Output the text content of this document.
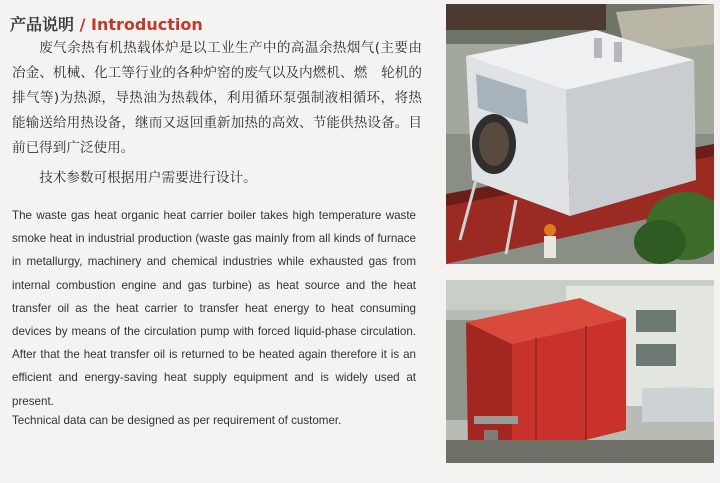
产品说明 / Introduction

废气余热有机热载体炉是以工业生产中的高温余热烟气(主要由冶金、机械、化工等行业的各种炉窑的废气以及内燃机、燃　轮机的排气等)为热源，导热油为热载体，利用循环泵强制液相循环，将热能输送给用热设备，继而又返回重新加热的高效、节能供热设备。目前已得到广泛使用。

技术参数可根据用户需要进行设计。

The waste gas heat organic heat carrier boiler takes high temperature waste smoke heat in industrial production (waste gas mainly from all kinds of furnace in metallurgy, machinery and chemical industries while exhausted gas from internal combustion engine and gas turbine) as heat source and the heat transfer oil as the heat carrier to transfer heat energy to heat consuming devices by means of the circulation pump with forced liquid-phase circulation. After that the heat transfer oil is returned to be heated again therefore it is an efficient and energy-saving heat supply equipment and is widely used at present.

Technical data can be designed as per requirement of customer.
